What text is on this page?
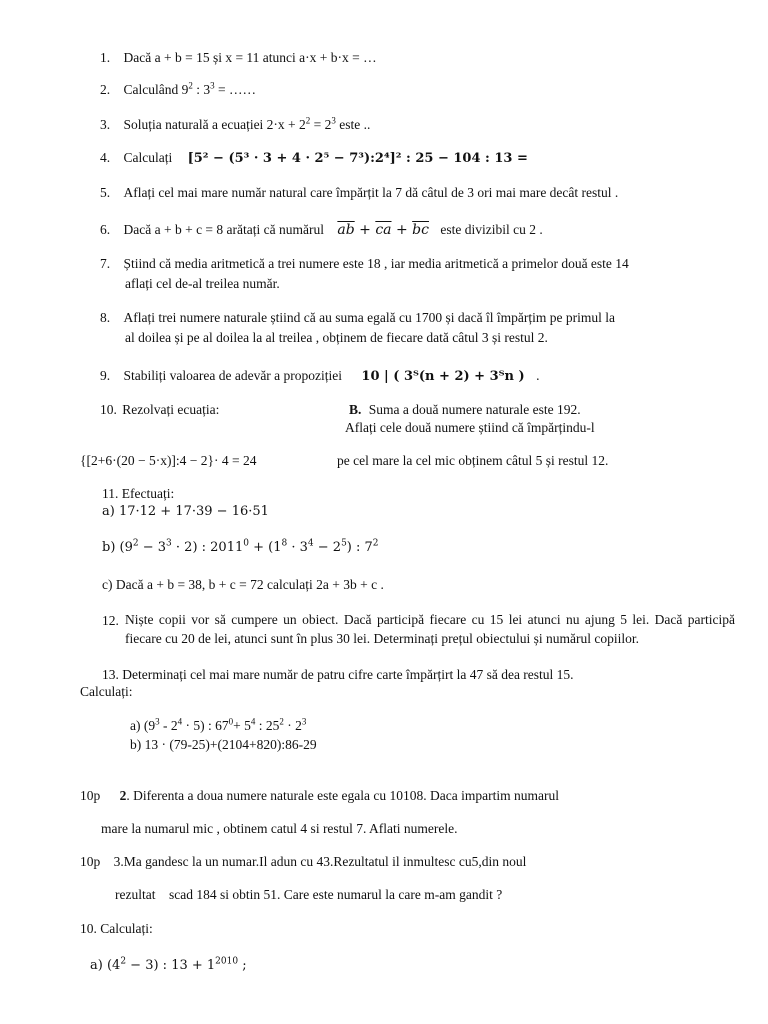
1. Dacă a + b = 15 și x = 11 atunci a·x + b·x = …
2. Calculând $9^2$ : $3^3$ = ……
3. Soluția naturală a ecuației $2\cdot x + 2^2 = 2^3$ este ..
4. Calculați [5² − (5³ · 3 + 4 · 2⁵ − 7³):2⁴]² : 25 − 104 : 13 =
5. Aflați cel mai mare număr natural care împărțit la 7 dă câtul de 3 ori mai mare decât restul .
6. Dacă a + b + c = 8 arătați că numărul $\overline{ab} + \overline{ca} + \overline{bc}$ este divizibil cu 2 .
7. Știind că media aritmetică a trei numere este 18 , iar media aritmetică a primelor două este 14
aflați cel de-al treilea număr.
8. Aflați trei numere naturale știind că au suma egală cu 1700 și dacă îl împărțim pe primul la
al doilea și pe al doilea la al treilea , obținem de fiecare dată câtul 3 și restul 2.
9. Stabiliți valoarea de adevăr a propoziției 10 | ( 3ᵀ(n + 2) + 3ᵀn ) .
10. Rezolvați ecuația:	B. Suma a două numere naturale este 192.
Aflați cele două numere știind că împărțindu-l
{[2+6·(20 − 5·x)]:4 − 2}· 4 = 24	pe cel mare la cel mic obținem câtul 5 și restul 12.
11. Efectuați:
a) 17·12 + 17·39 − 16·51
b) $(9^2 - 3^3 \cdot 2)$ : $2011^0 + (1^8 \cdot 3^4 - 2^5)$ : $7^2$
c) Dacă a + b = 38, b + c = 72 calculați 2a + 3b + c .
12. Niște copii vor să cumpere un obiect. Dacă participă fiecare cu 15 lei atunci nu ajung 5 lei. Dacă participă fiecare cu 20 de lei, atunci sunt în plus 30 lei. Determinați prețul obiectului și numărul copiilor.
13. Determinați cel mai mare număr de patru cifre carte împărțirt la 47 să dea restul 15.
Calculați:
a) $(9^3 - 2^4 \cdot 5)$ : $67^0+ 5^4$ : $25^2 \cdot 2^3$
b) 13 · (79-25)+(2104+820):86-29
10p 2. Diferenta a doua numere naturale este egala cu 10108. Daca impartim numarul
mare la numarul mic , obtinem catul 4 si restul 7. Aflati numerele.
10p 3.Ma gandesc la un numar.Il adun cu 43.Rezultatul il inmultesc cu5,din noul
rezultat    scad 184 si obtin 51. Care este numarul la care m-am gandit ?
10. Calculați:
a) $(4^2 - 3)$ : $13 + 1^{2010}$ ;
